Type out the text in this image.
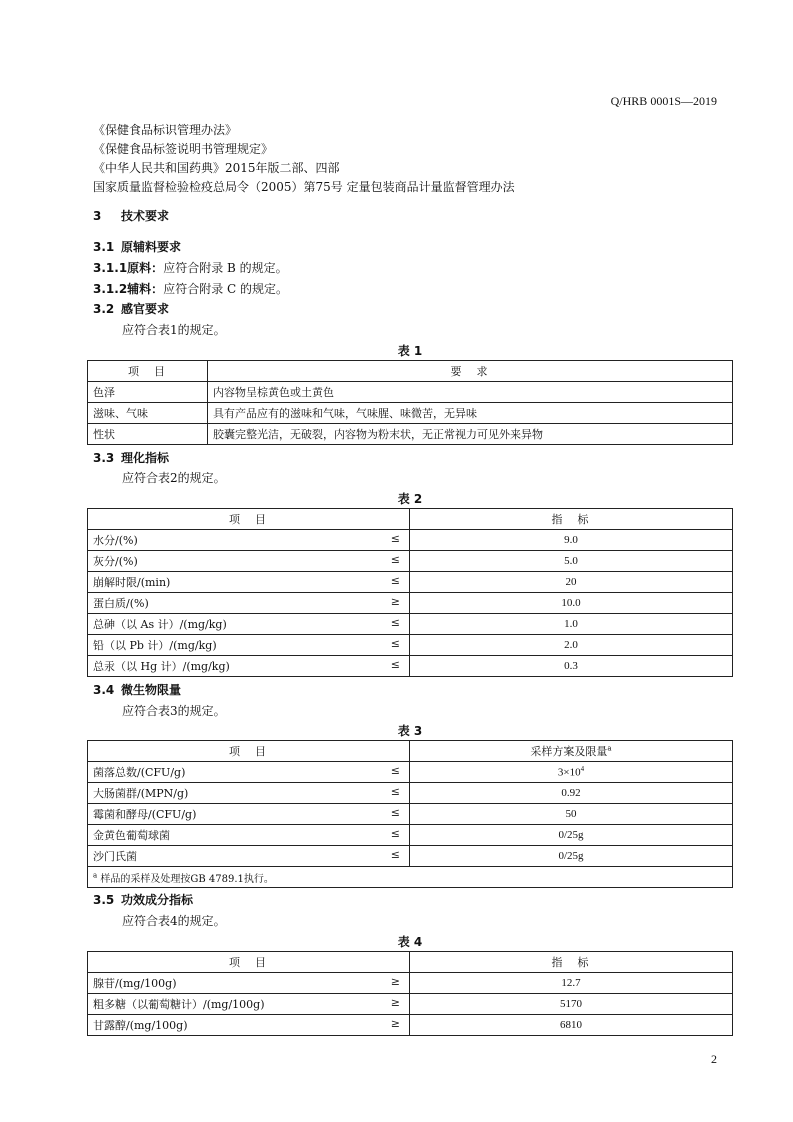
Q/HRB 0001S—2019
《保健食品标识管理办法》
《保健食品标签说明书管理规定》
《中华人民共和国药典》2015年版二部、四部
国家质量监督检验检疫总局令（2005）第75号 定量包装商品计量监督管理办法
3 技术要求
3.1 原辅料要求
3.1.1原料：应符合附录 B 的规定。
3.1.2辅料：应符合附录 C 的规定。
3.2 感官要求
应符合表1的规定。
表 1
项　目	要　求
色泽	内容物呈棕黄色或土黄色
滋味、气味	具有产品应有的滋味和气味，气味腥、味微苦，无异味
性状	胶囊完整光洁，无破裂，内容物为粉末状，无正常视力可见外来异物
3.3 理化指标
应符合表2的规定。
表 2
项　目	指　标

水分/(%) ≤	9.0

灰分/(%) ≤	5.0

崩解时限/(min) ≤	20

蛋白质/(%) ≥	10.0

总砷（以 As 计）/(mg/kg) ≤	1.0

铅（以 Pb 计）/(mg/kg) ≤	2.0

总汞（以 Hg 计）/(mg/kg) ≤	0.3
3.4 微生物限量
应符合表3的规定。
表 3
项　目	采样方案及限量$^a$

菌落总数/(CFU/g) ≤	$3\times 10^4$

大肠菌群/(MPN/g) ≤	0.92

霉菌和酵母/(CFU/g) ≤	50

金黄色葡萄球菌 ≤	0/25g

沙门氏菌 ≤	0/25g
$^a$ 样品的采样及处理按GB 4789.1执行。	
3.5 功效成分指标
应符合表4的规定。
表 4
项　目	指　标

腺苷/(mg/100g) ≥	12.7

粗多糖（以葡萄糖计）/(mg/100g) ≥	5170

甘露醇/(mg/100g) ≥	6810
2
